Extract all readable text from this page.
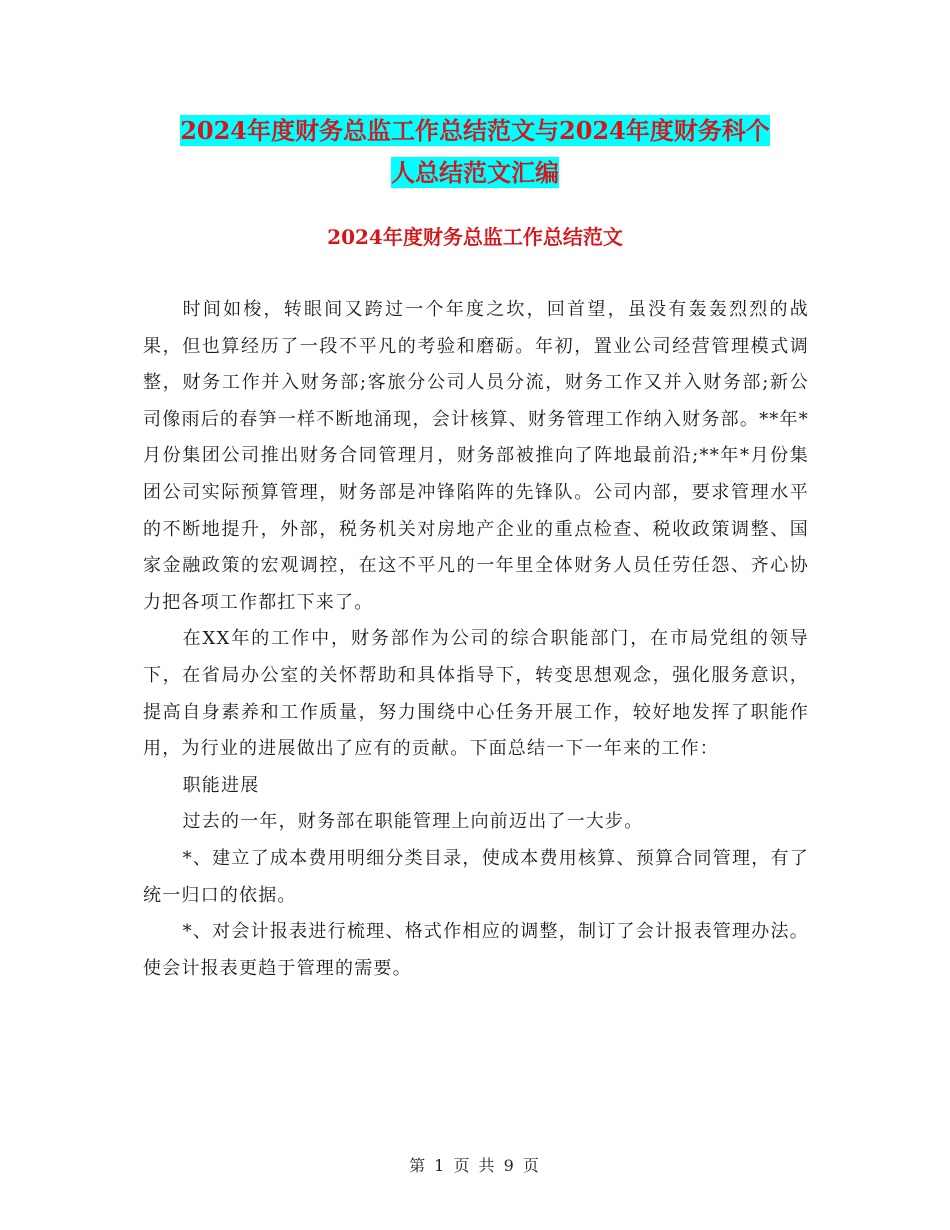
2024年度财务总监工作总结范文与2024年度财务科个
人总结范文汇编
2024年度财务总监工作总结范文

时间如梭，转眼间又跨过一个年度之坎，回首望，虽没有轰轰烈烈的战果，但也算经历了一段不平凡的考验和磨砺。年初，置业公司经营管理模式调整，财务工作并入财务部;客旅分公司人员分流，财务工作又并入财务部;新公司像雨后的春笋一样不断地涌现，会计核算、财务管理工作纳入财务部。**年*月份集团公司推出财务合同管理月，财务部被推向了阵地最前沿;**年*月份集团公司实际预算管理，财务部是冲锋陷阵的先锋队。公司内部，要求管理水平的不断地提升，外部，税务机关对房地产企业的重点检查、税收政策调整、国家金融政策的宏观调控，在这不平凡的一年里全体财务人员任劳任怨、齐心协力把各项工作都扛下来了。

在XX年的工作中，财务部作为公司的综合职能部门，在市局党组的领导下，在省局办公室的关怀帮助和具体指导下，转变思想观念，强化服务意识，提高自身素养和工作质量，努力围绕中心任务开展工作，较好地发挥了职能作用，为行业的进展做出了应有的贡献。下面总结一下一年来的工作：

职能进展

过去的一年，财务部在职能管理上向前迈出了一大步。

*、建立了成本费用明细分类目录，使成本费用核算、预算合同管理，有了统一归口的依据。

*、对会计报表进行梳理、格式作相应的调整，制订了会计报表管理办法。使会计报表更趋于管理的需要。

第 1 页 共 9 页
